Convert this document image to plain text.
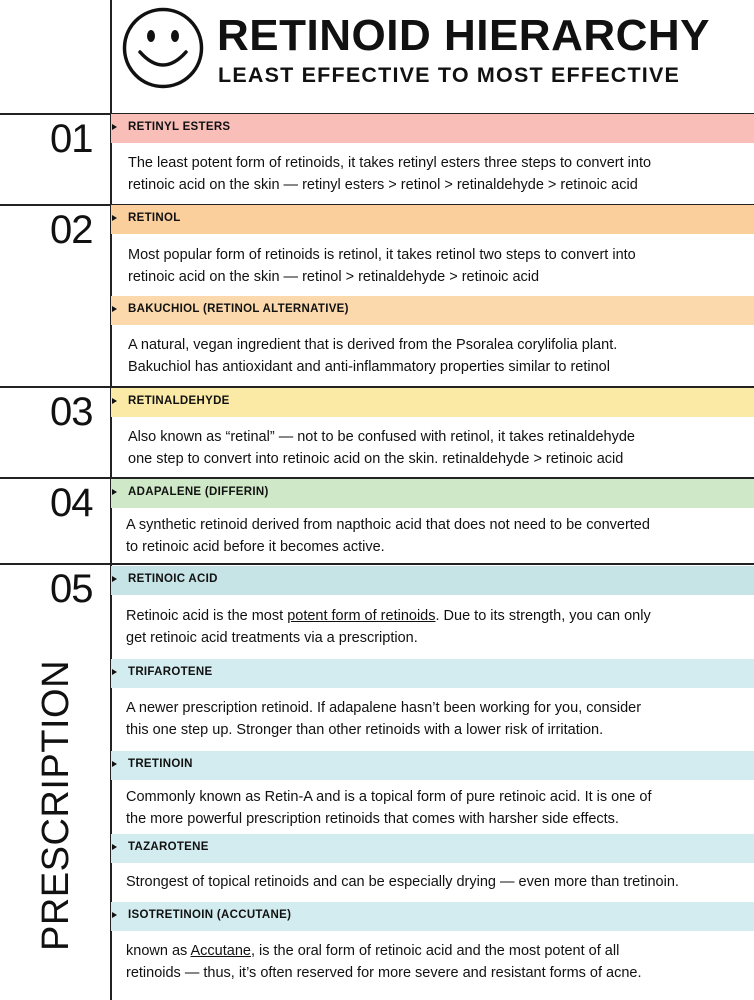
RETINOID HIERARCHY
LEAST EFFECTIVE TO MOST EFFECTIVE
PRESCRIPTION
01
02
03
04
05
RETINYL ESTERS

The least potent form of retinoids, it takes retinyl esters three steps to convert into

retinoic acid on the skin — retinyl esters > retinol > retinaldehyde > retinoic acid

RETINOL

Most popular form of retinoids is retinol, it takes retinol two steps to convert into

retinoic acid on the skin — retinol > retinaldehyde > retinoic acid

BAKUCHIOL (RETINOL ALTERNATIVE)

A natural, vegan ingredient that is derived from the Psoralea corylifolia plant.

Bakuchiol has antioxidant and anti-inflammatory properties similar to retinol

RETINALDEHYDE

Also known as “retinal” — not to be confused with retinol, it takes retinaldehyde

one step to convert into retinoic acid on the skin. retinaldehyde > retinoic acid

ADAPALENE (DIFFERIN)

A synthetic retinoid derived from napthoic acid that does not need to be converted

to retinoic acid before it becomes active.

RETINOIC ACID

Retinoic acid is the most potent form of retinoids. Due to its strength, you can only

get retinoic acid treatments via a prescription.

TRIFAROTENE

A newer prescription retinoid. If adapalene hasn’t been working for you, consider

this one step up. Stronger than other retinoids with a lower risk of irritation.

TRETINOIN

Commonly known as Retin-A and is a topical form of pure retinoic acid. It is one of

the more powerful prescription retinoids that comes with harsher side effects.

TAZAROTENE

Strongest of topical retinoids and can be especially drying — even more than tretinoin.

ISOTRETINOIN (ACCUTANE)

known as Accutane, is the oral form of retinoic acid and the most potent of all

retinoids — thus, it’s often reserved for more severe and resistant forms of acne.
